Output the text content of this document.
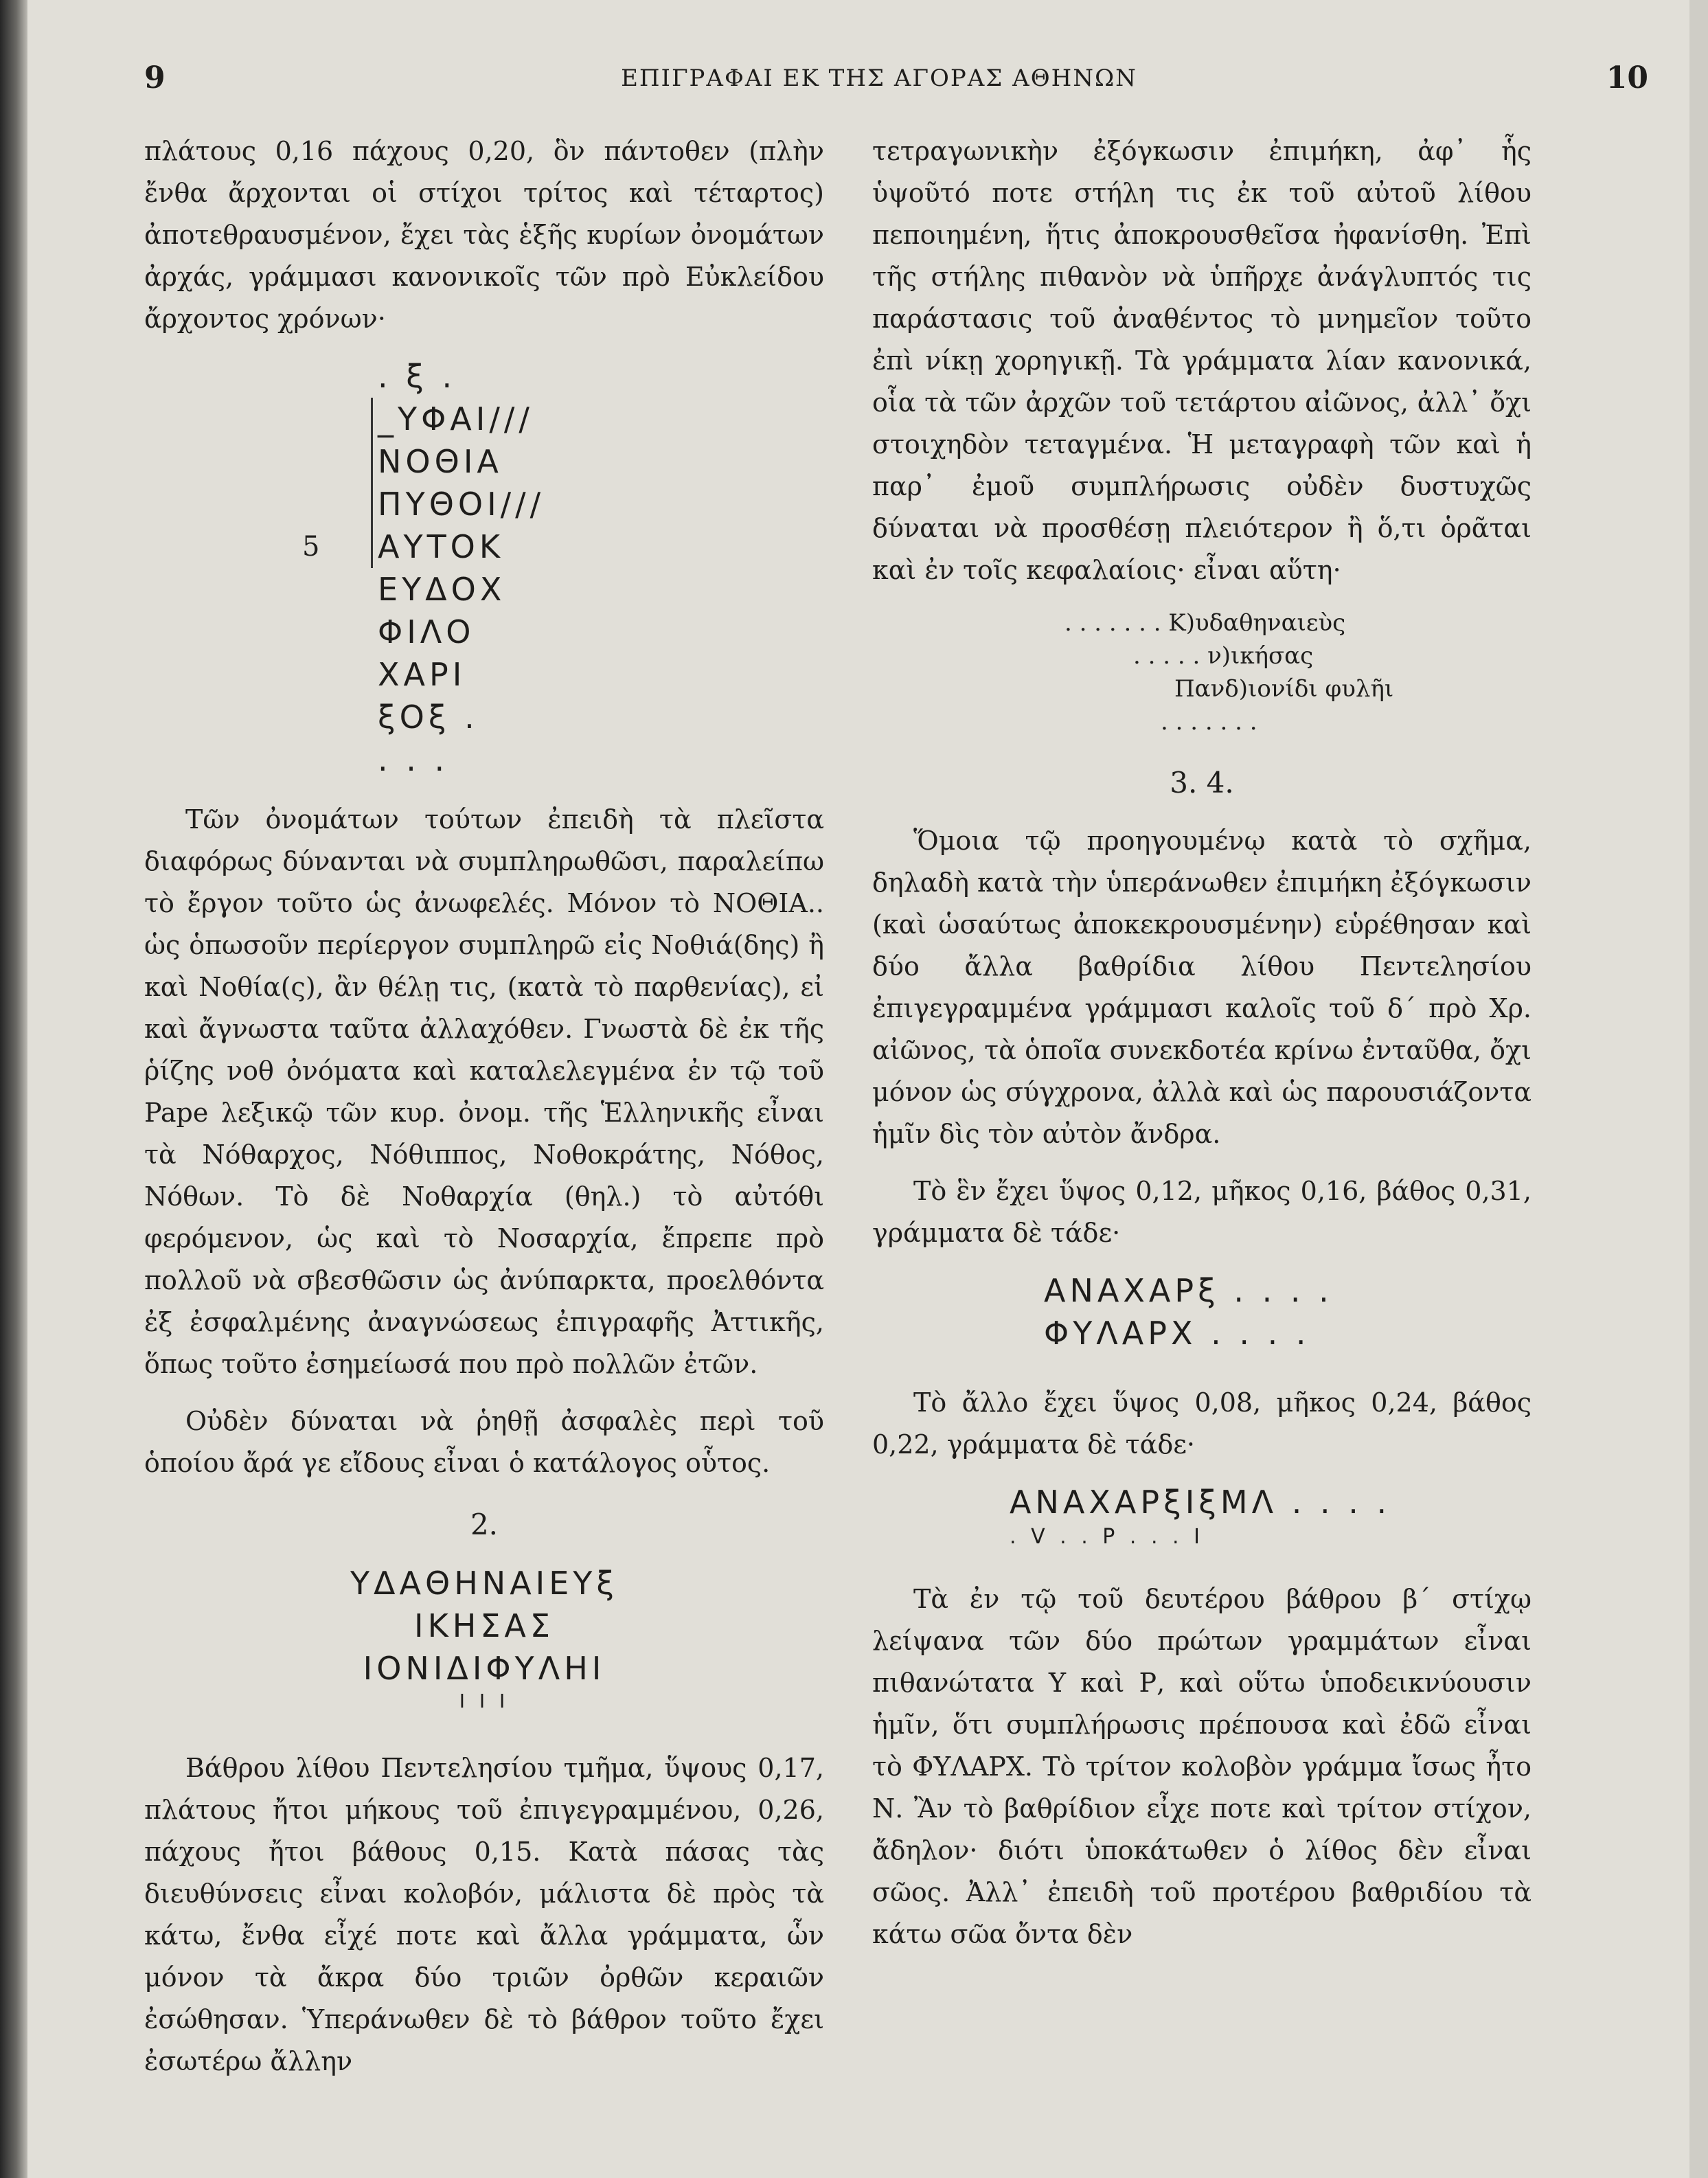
9	ΕΠΙΓΡΑΦΑΙ ΕΚ ΤΗΣ ΑΓΟΡΑΣ ΑΘΗΝΩΝ	10

πλάτους 0,16 πάχους 0,20, ὃν πάντοθεν (πλὴν ἔνθα ἄρχονται οἱ στίχοι τρίτος καὶ τέταρτος) ἀποτεθραυσμένον, ἔχει τὰς ἑξῆς κυρίων ὀνομάτων ἀρχάς, γράμμασι κανονικοῖς τῶν πρὸ Εὐκλείδου ἄρχοντος χρόνων·

. ξ .

_ΥΦΑΙ///

ΝΟΘΙΑ

ΠΥΘΟΙ///

5 ΑΥΤΟΚ

ΕΥΔΟΧ

ΦΙΛΟ

ΧΑΡΙ

ξΟξ .

. . .

Τῶν ὀνομάτων τούτων ἐπειδὴ τὰ πλεῖστα διαφόρως δύνανται νὰ συμπληρωθῶσι, παραλείπω τὸ ἔργον τοῦτο ὡς ἀνωφελές. Μόνον τὸ ΝΟΘΙΑ.. ὡς ὁπωσοῦν περίεργον συμπληρῶ εἰς Νοθιά(δης) ἢ καὶ Νοθία(ς), ἂν θέλῃ τις, (κατὰ τὸ παρθενίας), εἰ καὶ ἄγνωστα ταῦτα ἀλλαχόθεν. Γνωστὰ δὲ ἐκ τῆς ῥίζης νοθ ὀνόματα καὶ καταλελεγμένα ἐν τῷ τοῦ Pape λεξικῷ τῶν κυρ. ὀνομ. τῆς Ἑλληνικῆς εἶναι τὰ Νόθαρχος, Νόθιππος, Νοθοκράτης, Νόθος, Νόθων. Τὸ δὲ Νοθαρχία (θηλ.) τὸ αὐτόθι φερόμενον, ὡς καὶ τὸ Νοσαρχία, ἔπρεπε πρὸ πολλοῦ νὰ σβεσθῶσιν ὡς ἀνύπαρκτα, προελθόντα ἐξ ἐσφαλμένης ἀναγνώσεως ἐπιγραφῆς Ἀττικῆς, ὅπως τοῦτο ἐσημείωσά που πρὸ πολλῶν ἐτῶν.

Οὐδὲν δύναται νὰ ῥηθῇ ἀσφαλὲς περὶ τοῦ ὁποίου ἄρά γε εἴδους εἶναι ὁ κατάλογος οὗτος.

2.

ΥΔΑΘΗΝΑΙΕΥξ

ΙΚΗΣΑΣ

ΙΟΝΙΔΙΦΥΛΗΙ

Ι Ι Ι

Βάθρου λίθου Πεντελησίου τμῆμα, ὕψους 0,17, πλάτους ἤτοι μήκους τοῦ ἐπιγεγραμμένου, 0,26, πάχους ἤτοι βάθους 0,15. Κατὰ πάσας τὰς διευθύνσεις εἶναι κολοβόν, μάλιστα δὲ πρὸς τὰ κάτω, ἔνθα εἶχέ ποτε καὶ ἄλλα γράμματα, ὧν μόνον τὰ ἄκρα δύο τριῶν ὀρθῶν κεραιῶν ἐσώθησαν. Ὑπεράνωθεν δὲ τὸ βάθρον τοῦτο ἔχει ἐσωτέρω ἄλλην

τετραγωνικὴν ἐξόγκωσιν ἐπιμήκη, ἀφ᾽ ἧς ὑψοῦτό ποτε στήλη τις ἐκ τοῦ αὐτοῦ λίθου πεποιημένη, ἥτις ἀποκρουσθεῖσα ἠφανίσθη. Ἐπὶ τῆς στήλης πιθανὸν νὰ ὑπῆρχε ἀνάγλυπτός τις παράστασις τοῦ ἀναθέντος τὸ μνημεῖον τοῦτο ἐπὶ νίκῃ χορηγικῇ. Τὰ γράμματα λίαν κανονικά, οἷα τὰ τῶν ἀρχῶν τοῦ τετάρτου αἰῶνος, ἀλλ᾽ ὄχι στοιχηδὸν τεταγμένα. Ἡ μεταγραφὴ τῶν καὶ ἡ παρ᾽ ἐμοῦ συμπλήρωσις οὐδὲν δυστυχῶς δύναται νὰ προσθέσῃ πλειότερον ἢ ὅ,τι ὁρᾶται καὶ ἐν τοῖς κεφαλαίοις· εἶναι αὕτη·

. . . . . . . Κ)υδαθηναιεὺς
. . . . . ν)ικήσας
Πανδ)ιονίδι φυλῆι
. . . . . . .
3. 4.

Ὅμοια τῷ προηγουμένῳ κατὰ τὸ σχῆμα, δηλαδὴ κατὰ τὴν ὑπεράνωθεν ἐπιμήκη ἐξόγκωσιν (καὶ ὡσαύτως ἀποκεκρουσμένην) εὑρέθησαν καὶ δύο ἄλλα βαθρίδια λίθου Πεντελησίου ἐπιγεγραμμένα γράμμασι καλοῖς τοῦ δ´ πρὸ Χρ. αἰῶνος, τὰ ὁποῖα συνεκδοτέα κρίνω ἐνταῦθα, ὄχι μόνον ὡς σύγχρονα, ἀλλὰ καὶ ὡς παρουσιάζοντα ἡμῖν δὶς τὸν αὐτὸν ἄνδρα.

Τὸ ἓν ἔχει ὕψος 0,12, μῆκος 0,16, βάθος 0,31, γράμματα δὲ τάδε·

ΑΝΑΧΑΡξ . . . .

ΦΥΛΑΡΧ . . . .

Τὸ ἄλλο ἔχει ὕψος 0,08, μῆκος 0,24, βάθος 0,22, γράμματα δὲ τάδε·

ΑΝΑΧΑΡξΙξΜΛ . . . .

. V . . Ρ . . . Ι

Τὰ ἐν τῷ τοῦ δευτέρου βάθρου β´ στίχῳ λείψανα τῶν δύο πρώτων γραμμάτων εἶναι πιθανώτατα Υ καὶ Ρ, καὶ οὕτω ὑποδεικνύουσιν ἡμῖν, ὅτι συμπλήρωσις πρέπουσα καὶ ἐδῶ εἶναι τὸ ΦΥΛΑΡΧ. Τὸ τρίτον κολοβὸν γράμμα ἴσως ἦτο Ν. Ἂν τὸ βαθρίδιον εἶχε ποτε καὶ τρίτον στίχον, ἄδηλον· διότι ὑποκάτωθεν ὁ λίθος δὲν εἶναι σῶος. Ἀλλ᾽ ἐπειδὴ τοῦ προτέρου βαθριδίου τὰ κάτω σῶα ὄντα δὲν
